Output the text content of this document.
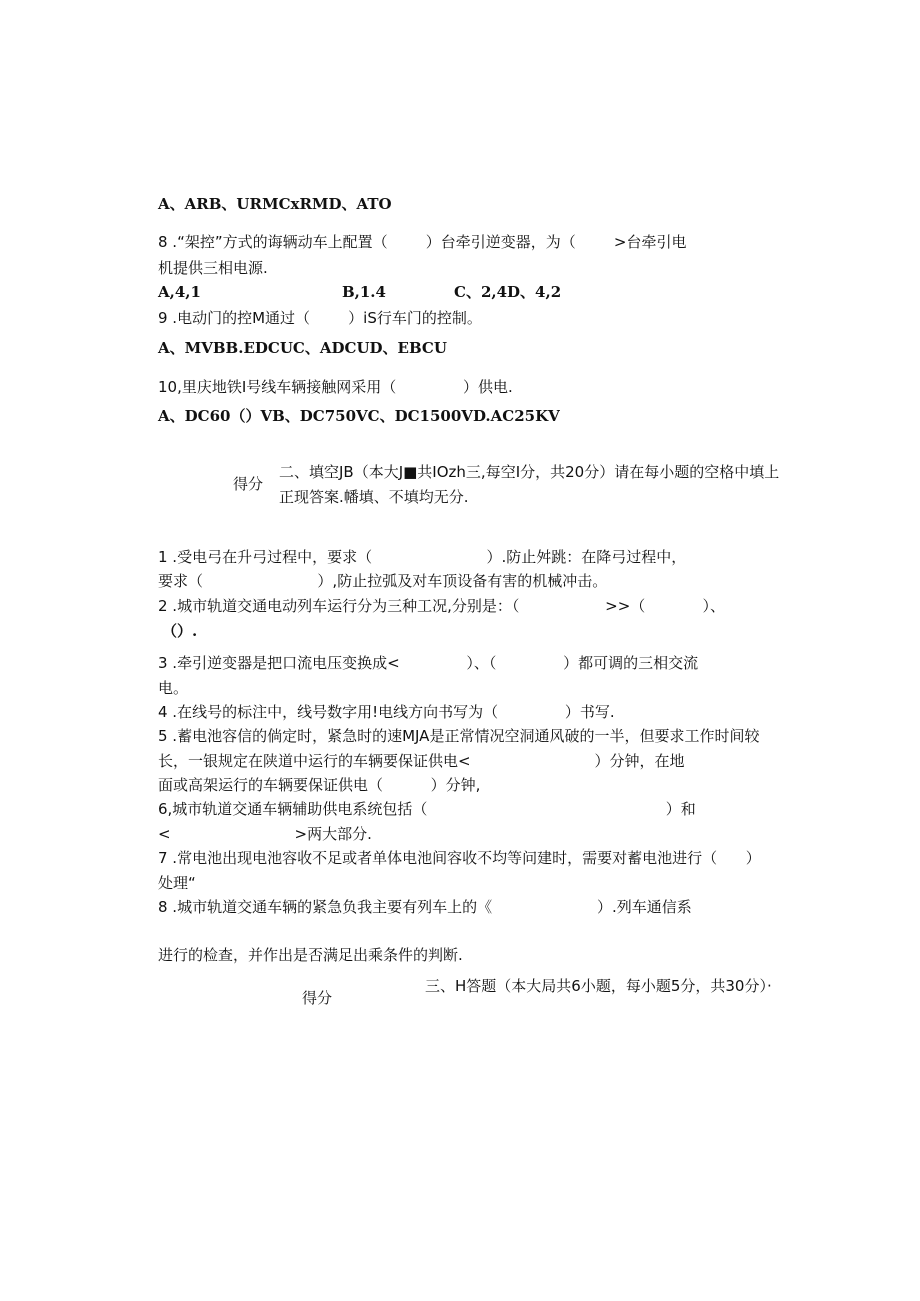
A、ARB、URMCxRMD、ATO
8 .“架控”方式的诲辆动车上配置（        ）台牵引逆变器，为（        >台牵引电
机提供三相电源.
A,4,1                           B,1.4	C、2,4D、4,2
9 .电动门的控M通过（        ）iS行车门的控制。
A、MVBB.EDCUC、ADCUD、EBCU
10,里庆地铁I号线车辆接触网采用（              ）供电.
A、DC60（）VB、DC750VC、DC1500VD.AC25KV
得分
二、填空JB（本大J■共IOzh三,每空I分，共20分）请在每小题的空格中填上
正现答案.幡填、不填均无分.
1 .受电弓在升弓过程中，要求（                        ）.防止舛跳：在降弓过程中，
要求（                        ）,防止拉弧及对车顶设备有害的机械冲击。
2 .城市轨道交通电动列车运行分为三种工况,分别是：（                  >>（            ）、
（）.
3 .牵引逆变器是把口流电压变换成<              ）、（              ）都可调的三相交流
电。
4 .在线号的标注中，线号数字用!电线方向书写为（              ）书写.
5 .蓄电池容信的倘定时，紧急时的速MJA是正常情况空洞通风破的一半，但要求工作时间较
长，一银规定在陕道中运行的车辆要保证供电<                          ）分钟，在地
面或高架运行的车辆要保证供电（          ）分钟,
6,城市轨道交通车辆辅助供电系统包括（                                                  ）和
<                          >两大部分.
7 .常电池出现电池容收不足或者单体电池间容收不均等问建时，需要对蓄电池进行（      ）
处理“
8 .城市轨道交通车辆的紧急负我主要有列车上的《                      ）.列车通信系
进行的检查，并作出是否满足出乘条件的判断.
得分
三、H答题（本大局共6小题，每小题5分，共30分）·
